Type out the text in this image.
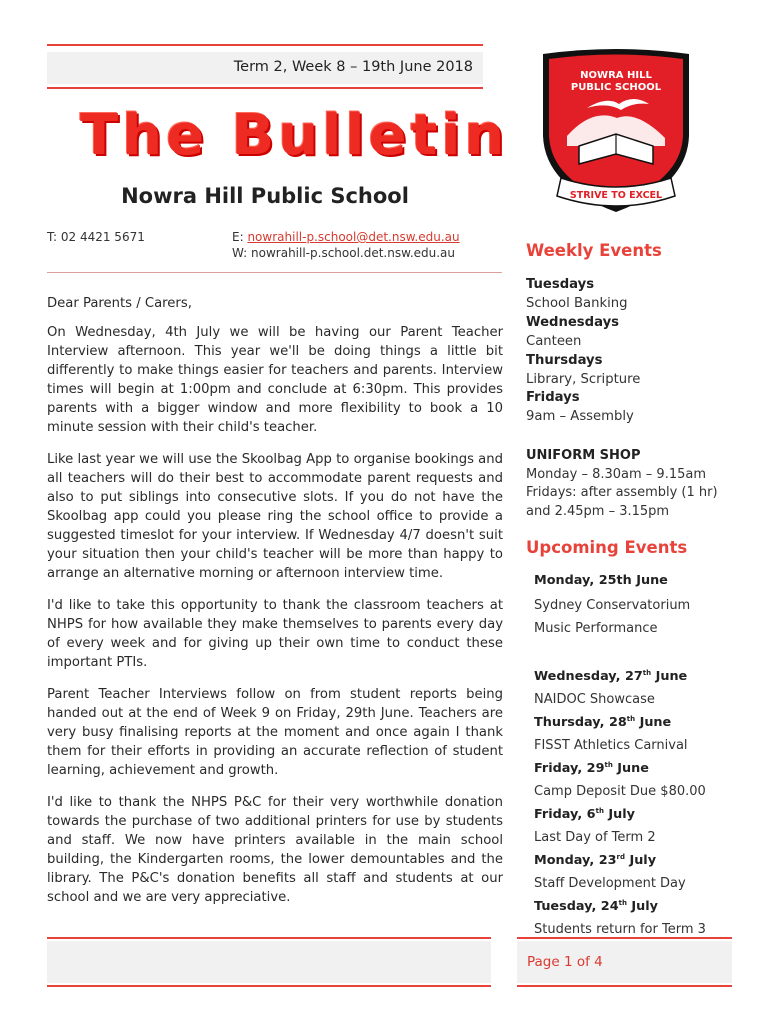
Term 2, Week 8 – 19th June 2018
The Bulletin
Nowra Hill Public School
T: 02 4421 5671	E: nowrahill-p.school@det.nsw.edu.au
W: nowrahill-p.school.det.nsw.edu.au

Dear Parents / Carers,

On Wednesday, 4th July we will be having our Parent Teacher Interview afternoon. This year we'll be doing things a little bit differently to make things easier for teachers and parents. Interview times will begin at 1:00pm and conclude at 6:30pm. This provides parents with a bigger window and more flexibility to book a 10 minute session with their child's teacher.

Like last year we will use the Skoolbag App to organise bookings and all teachers will do their best to accommodate parent requests and also to put siblings into consecutive slots. If you do not have the Skoolbag app could you please ring the school office to provide a suggested timeslot for your interview. If Wednesday 4/7 doesn't suit your situation then your child's teacher will be more than happy to arrange an alternative morning or afternoon interview time.

I'd like to take this opportunity to thank the classroom teachers at NHPS for how available they make themselves to parents every day of every week and for giving up their own time to conduct these important PTIs.

Parent Teacher Interviews follow on from student reports being handed out at the end of Week 9 on Friday, 29th June. Teachers are very busy finalising reports at the moment and once again I thank them for their efforts in providing an accurate reflection of student learning, achievement and growth.

I'd like to thank the NHPS P&C for their very worthwhile donation towards the purchase of two additional printers for use by students and staff. We now have printers available in the main school building, the Kindergarten rooms, the lower demountables and the library. The P&C's donation benefits all staff and students at our school and we are very appreciative.

NOWRA HILL
PUBLIC SCHOOL
STRIVE TO EXCEL
Weekly Events
Tuesdays
School Banking
Wednesdays
Canteen
Thursdays
Library, Scripture
Fridays
9am – Assembly
UNIFORM SHOP
Monday – 8.30am – 9.15am
Fridays: after assembly (1 hr)
and 2.45pm – 3.15pm
Upcoming Events
Monday, 25th June
Sydney Conservatorium
Music Performance
Wednesday, 27th June
NAIDOC Showcase
Thursday, 28th June
FISST Athletics Carnival
Friday, 29th June
Camp Deposit Due $80.00
Friday, 6th July
Last Day of Term 2
Monday, 23rd July
Staff Development Day
Tuesday, 24th July
Students return for Term 3
Page 1 of 4
